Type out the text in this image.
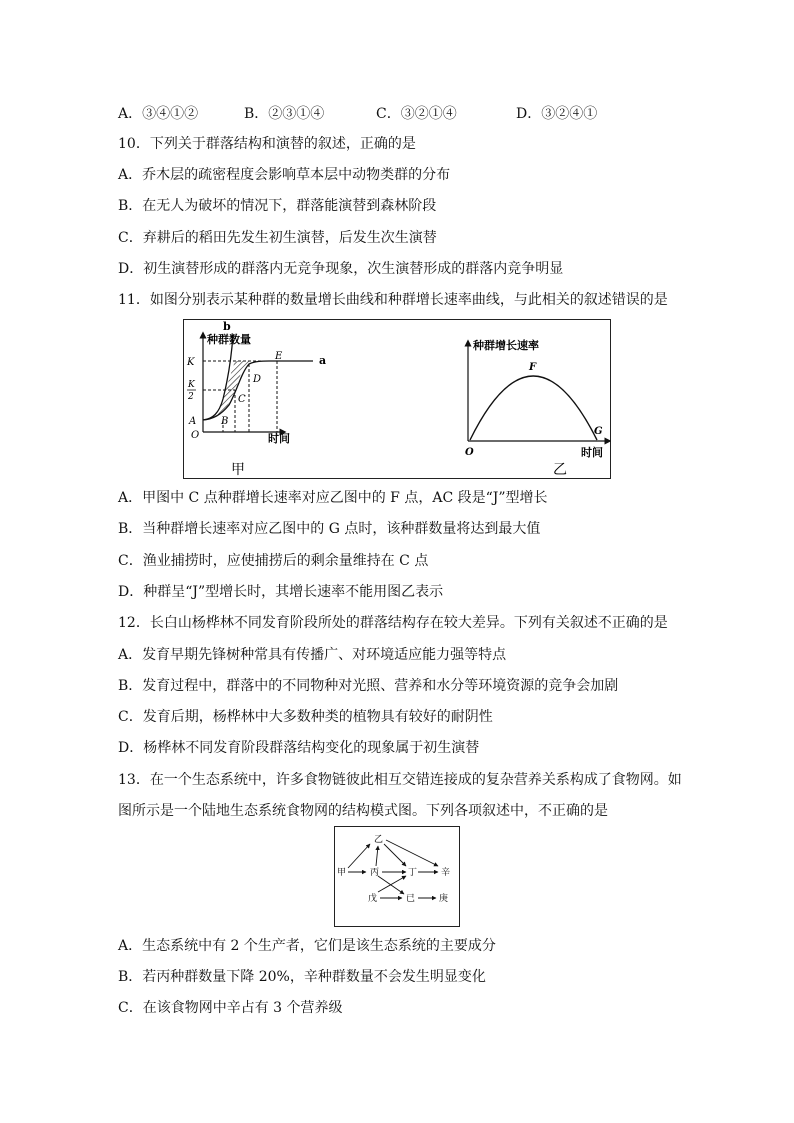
A．③④①②	B．②③①④	C．③②①④	D．③②④①
10．下列关于群落结构和演替的叙述，正确的是
A．乔木层的疏密程度会影响草本层中动物类群的分布
B．在无人为破坏的情况下，群落能演替到森林阶段
C．弃耕后的稻田先发生初生演替，后发生次生演替
D．初生演替形成的群落内无竞争现象，次生演替形成的群落内竞争明显
11．如图分别表示某种群的数量增长曲线和种群增长速率曲线，与此相关的叙述错误的是
种群数量
b
a
K
K
2
A
O
B
C
D
E
时间
甲
种群增长速率
F
G
O	时间
乙
A．甲图中 C 点种群增长速率对应乙图中的 F 点，AC 段是“J”型增长
B．当种群增长速率对应乙图中的 G 点时，该种群数量将达到最大值
C．渔业捕捞时，应使捕捞后的剩余量维持在 C 点
D．种群呈“J”型增长时，其增长速率不能用图乙表示
12．长白山杨桦林不同发育阶段所处的群落结构存在较大差异。下列有关叙述不正确的是
A．发育早期先锋树种常具有传播广、对环境适应能力强等特点
B．发育过程中，群落中的不同物种对光照、营养和水分等环境资源的竞争会加剧
C．发育后期，杨桦林中大多数种类的植物具有较好的耐阴性
D．杨桦林不同发育阶段群落结构变化的现象属于初生演替
13．在一个生态系统中，许多食物链彼此相互交错连接成的复杂营养关系构成了食物网。如
图所示是一个陆地生态系统食物网的结构模式图。下列各项叙述中，不正确的是
甲
乙
丙	丁	辛
戊	已	庚
A．生态系统中有 2 个生产者，它们是该生态系统的主要成分
B．若丙种群数量下降 20%，辛种群数量不会发生明显变化
C．在该食物网中辛占有 3 个营养级
